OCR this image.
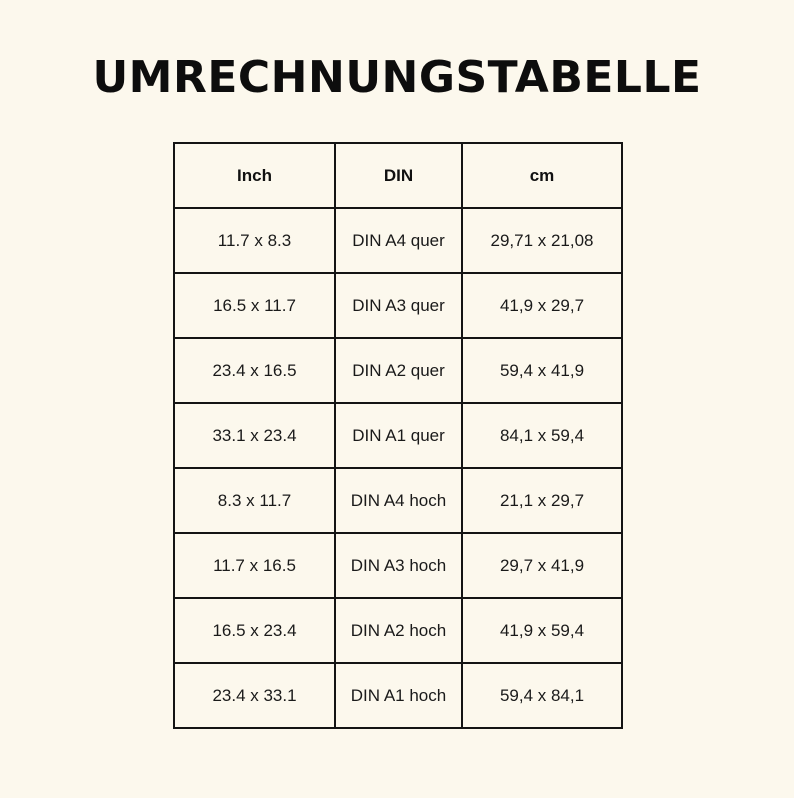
UMRECHNUNGSTABELLE
Inch	DIN	cm
11.7 x 8.3	DIN A4 quer	29,71 x 21,08
16.5 x 11.7	DIN A3 quer	41,9 x 29,7
23.4 x 16.5	DIN A2 quer	59,4 x 41,9
33.1 x 23.4	DIN A1 quer	84,1 x 59,4
8.3 x 11.7	DIN A4 hoch	21,1 x 29,7
11.7 x 16.5	DIN A3 hoch	29,7 x 41,9
16.5 x 23.4	DIN A2 hoch	41,9 x 59,4
23.4 x 33.1	DIN A1 hoch	59,4 x 84,1
